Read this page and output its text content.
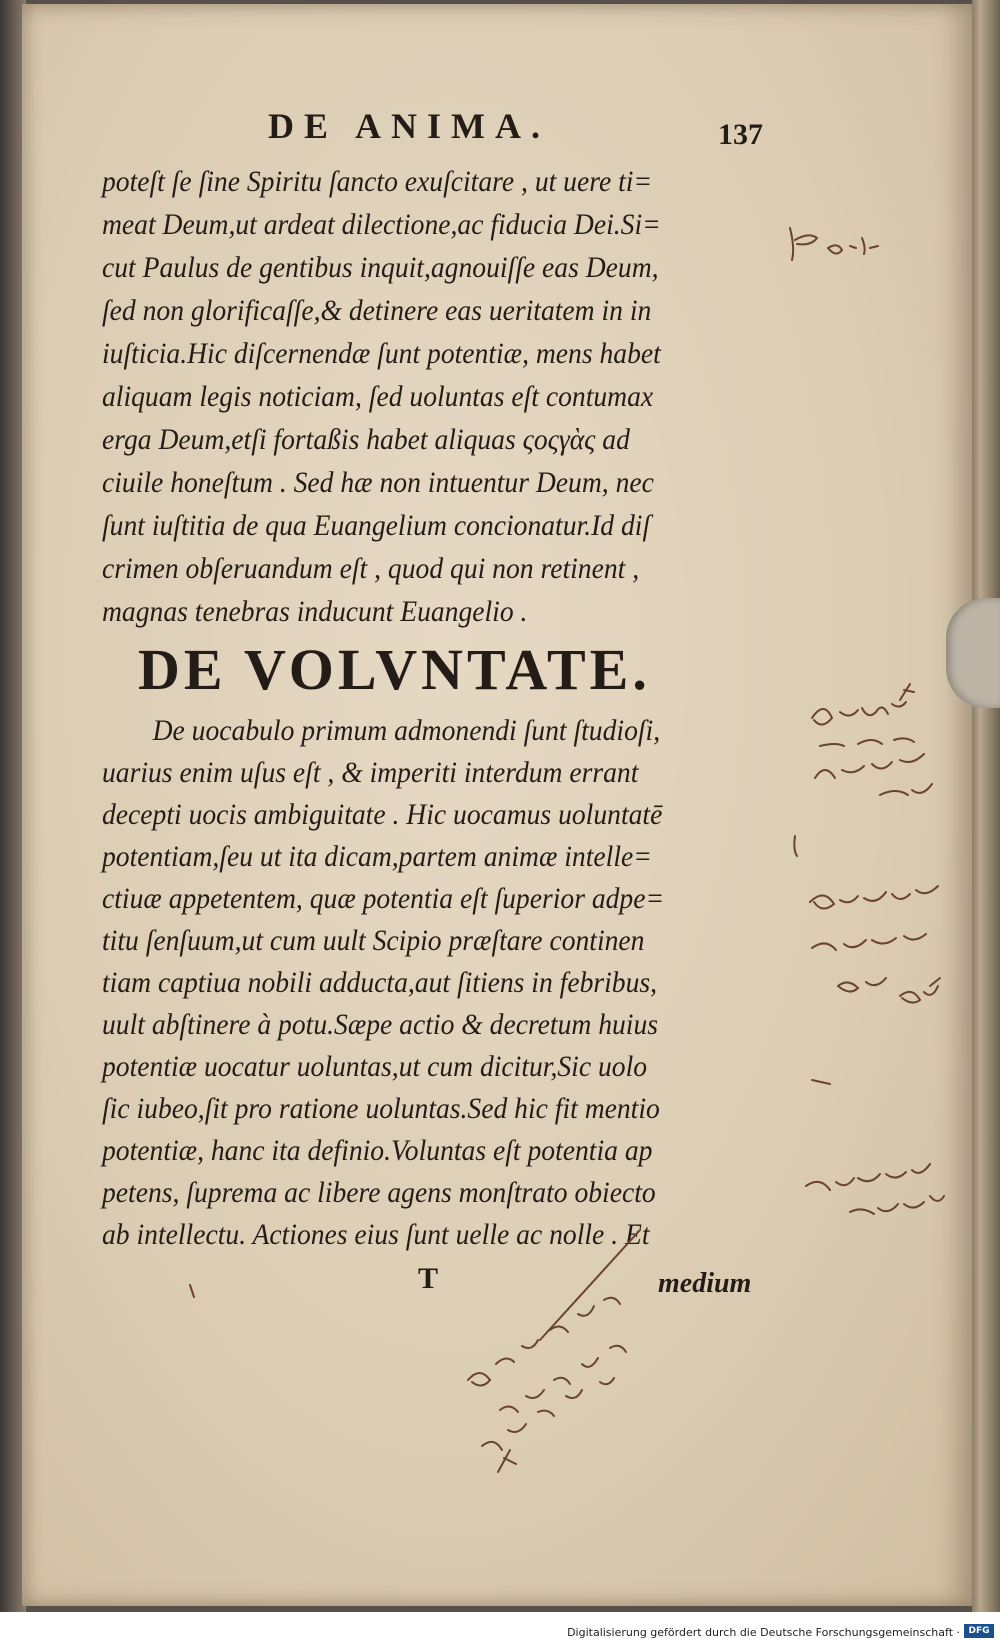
DE ANIMA.	137
poteſt ſe ſine Spiritu ſancto exuſcitare , ut uere ti=
meat Deum,ut ardeat dilectione,ac fiducia Dei.Si=
cut Paulus de gentibus inquit,agnouiſſe eas Deum,
ſed non glorificaſſe,& detinere eas ueritatem in in
iuſticia.Hic diſcernendæ ſunt potentiæ, mens habet
aliquam legis noticiam, ſed uoluntas eſt contumax
erga Deum,etſi fortaßis habet aliquas ςοςγὰς ad
ciuile honeſtum . Sed hæ non intuentur Deum, nec
ſunt iuſtitia de qua Euangelium concionatur.Id diſ
crimen obſeruandum eſt , quod qui non retinent ,
magnas tenebras inducunt Euangelio .
DE VOLVNTATE.
De uocabulo primum admonendi ſunt ſtudioſi,
uarius enim uſus eſt , & imperiti interdum errant
decepti uocis ambiguitate . Hic uocamus uoluntatē
potentiam,ſeu ut ita dicam,partem animæ intelle=
ctiuæ appetentem, quæ potentia eſt ſuperior adpe=
titu ſenſuum,ut cum uult Scipio præſtare continen
tiam captiua nobili adducta,aut ſitiens in febribus,
uult abſtinere à potu.Sæpe actio & decretum huius
potentiæ uocatur uoluntas,ut cum dicitur,Sic uolo
ſic iubeo,ſit pro ratione uoluntas.Sed hic fit mentio
potentiæ, hanc ita definio.Voluntas eſt potentia ap
petens, ſuprema ac libere agens monſtrato obiecto
ab intellectu. Actiones eius ſunt uelle ac nolle . Et
T	medium
Digitalisierung gefördert durch die Deutsche Forschungsgemeinschaft · DFG
